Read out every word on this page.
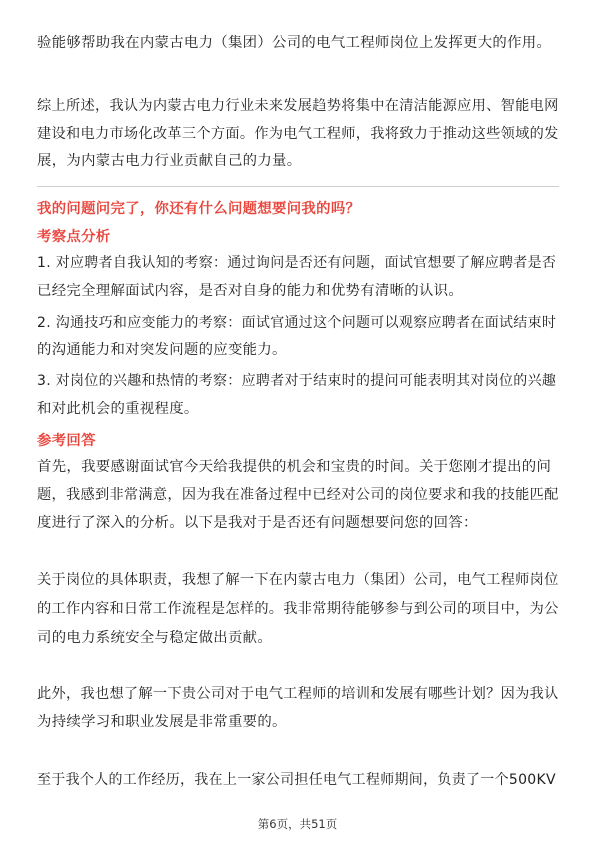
验能够帮助我在内蒙古电力（集团）公司的电气工程师岗位上发挥更大的作用。
综上所述，我认为内蒙古电力行业未来发展趋势将集中在清洁能源应用、智能电网
建设和电力市场化改革三个方面。作为电气工程师，我将致力于推动这些领域的发
展，为内蒙古电力行业贡献自己的力量。
我的问题问完了，你还有什么问题想要问我的吗？
考察点分析
1. 对应聘者自我认知的考察：通过询问是否还有问题，面试官想要了解应聘者是否
已经完全理解面试内容，是否对自身的能力和优势有清晰的认识。
2. 沟通技巧和应变能力的考察：面试官通过这个问题可以观察应聘者在面试结束时
的沟通能力和对突发问题的应变能力。
3. 对岗位的兴趣和热情的考察：应聘者对于结束时的提问可能表明其对岗位的兴趣
和对此机会的重视程度。
参考回答
首先，我要感谢面试官今天给我提供的机会和宝贵的时间。关于您刚才提出的问
题，我感到非常满意，因为我在准备过程中已经对公司的岗位要求和我的技能匹配
度进行了深入的分析。以下是我对于是否还有问题想要问您的回答：
关于岗位的具体职责，我想了解一下在内蒙古电力（集团）公司，电气工程师岗位
的工作内容和日常工作流程是怎样的。我非常期待能够参与到公司的项目中，为公
司的电力系统安全与稳定做出贡献。
此外，我也想了解一下贵公司对于电气工程师的培训和发展有哪些计划？因为我认
为持续学习和职业发展是非常重要的。
至于我个人的工作经历，我在上一家公司担任电气工程师期间，负责了一个500KV
第6页，共51页
